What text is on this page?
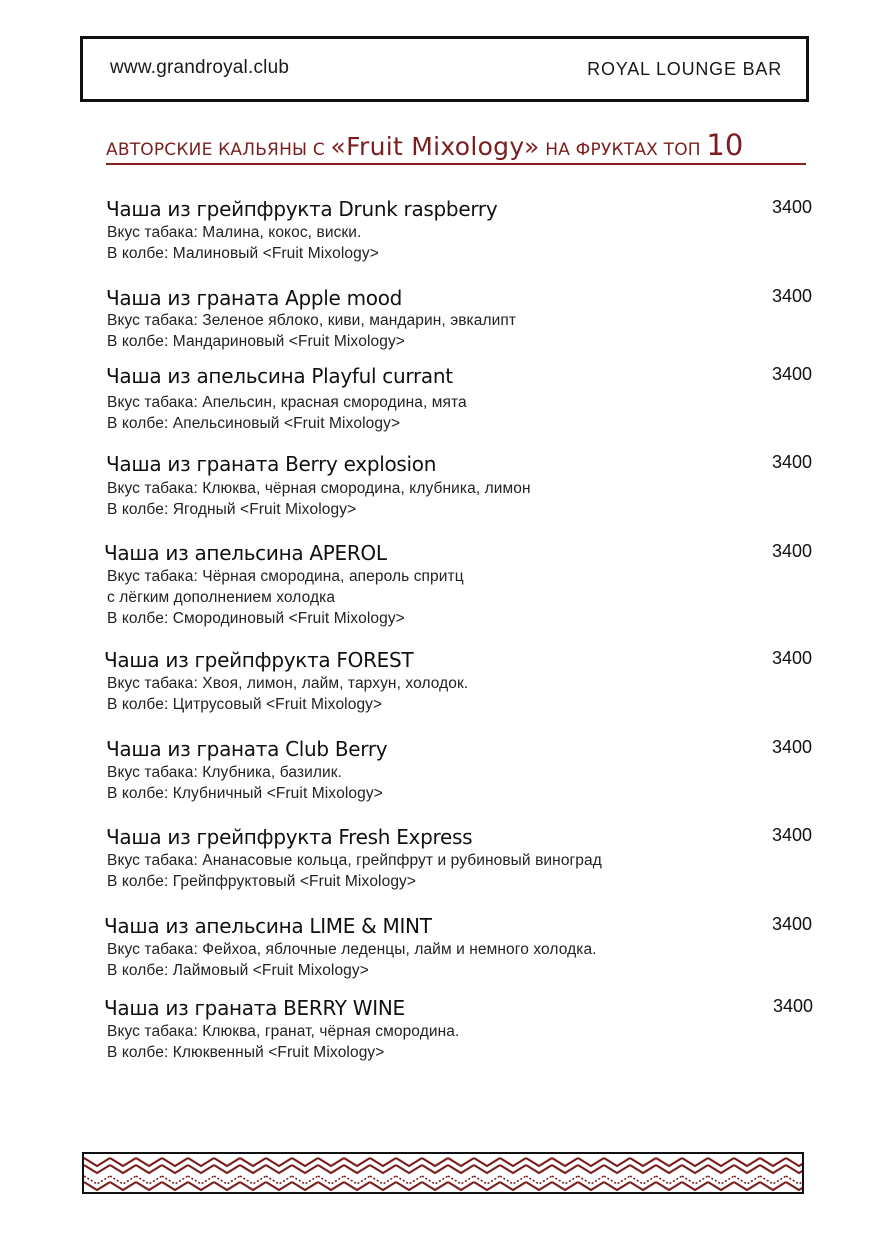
www.grandroyal.club	ROYAL LOUNGE BAR
АВТОРСКИЕ КАЛЬЯНЫ С «Fruit Mixology» НА ФРУКТАХ ТОП 10
Чаша из грейпфрукта Drunk raspberry	3400
Вкус табака: Малина, кокос, виски.
В колбе: Малиновый <Fruit Mixology>
Чаша из граната Apple mood	3400
Вкус табака: Зеленое яблоко, киви, мандарин, эвкалипт
В колбе: Мандариновый <Fruit Mixology>
Чаша из апельсина Playful currant	3400
Вкус табака: Апельсин, красная смородина, мята
В колбе: Апельсиновый <Fruit Mixology>
Чаша из граната Berry explosion	3400
Вкус табака: Клюква, чёрная смородина, клубника, лимон
В колбе: Ягодный <Fruit Mixology>
Чаша из апельсина APEROL	3400
Вкус табака: Чёрная смородина, апероль спритц
с лёгким дополнением холодка
В колбе: Смородиновый <Fruit Mixology>
Чаша из грейпфрукта FOREST	3400
Вкус табака: Хвоя, лимон, лайм, тархун, холодок.
В колбе: Цитрусовый <Fruit Mixology>
Чаша из граната Club Berry	3400
Вкус табака: Клубника, базилик.
В колбе: Клубничный <Fruit Mixology>
Чаша из грейпфрукта Fresh Express	3400
Вкус табака: Ананасовые кольца, грейпфрут и рубиновый виноград
В колбе: Грейпфруктовый <Fruit Mixology>
Чаша из апельсина LIME & MINT	3400
Вкус табака: Фейхоа, яблочные леденцы, лайм и немного холодка.
В колбе: Лаймовый <Fruit Mixology>
Чаша из граната BERRY WINE	3400
Вкус табака: Клюква, гранат, чёрная смородина.
В колбе: Клюквенный <Fruit Mixology>
